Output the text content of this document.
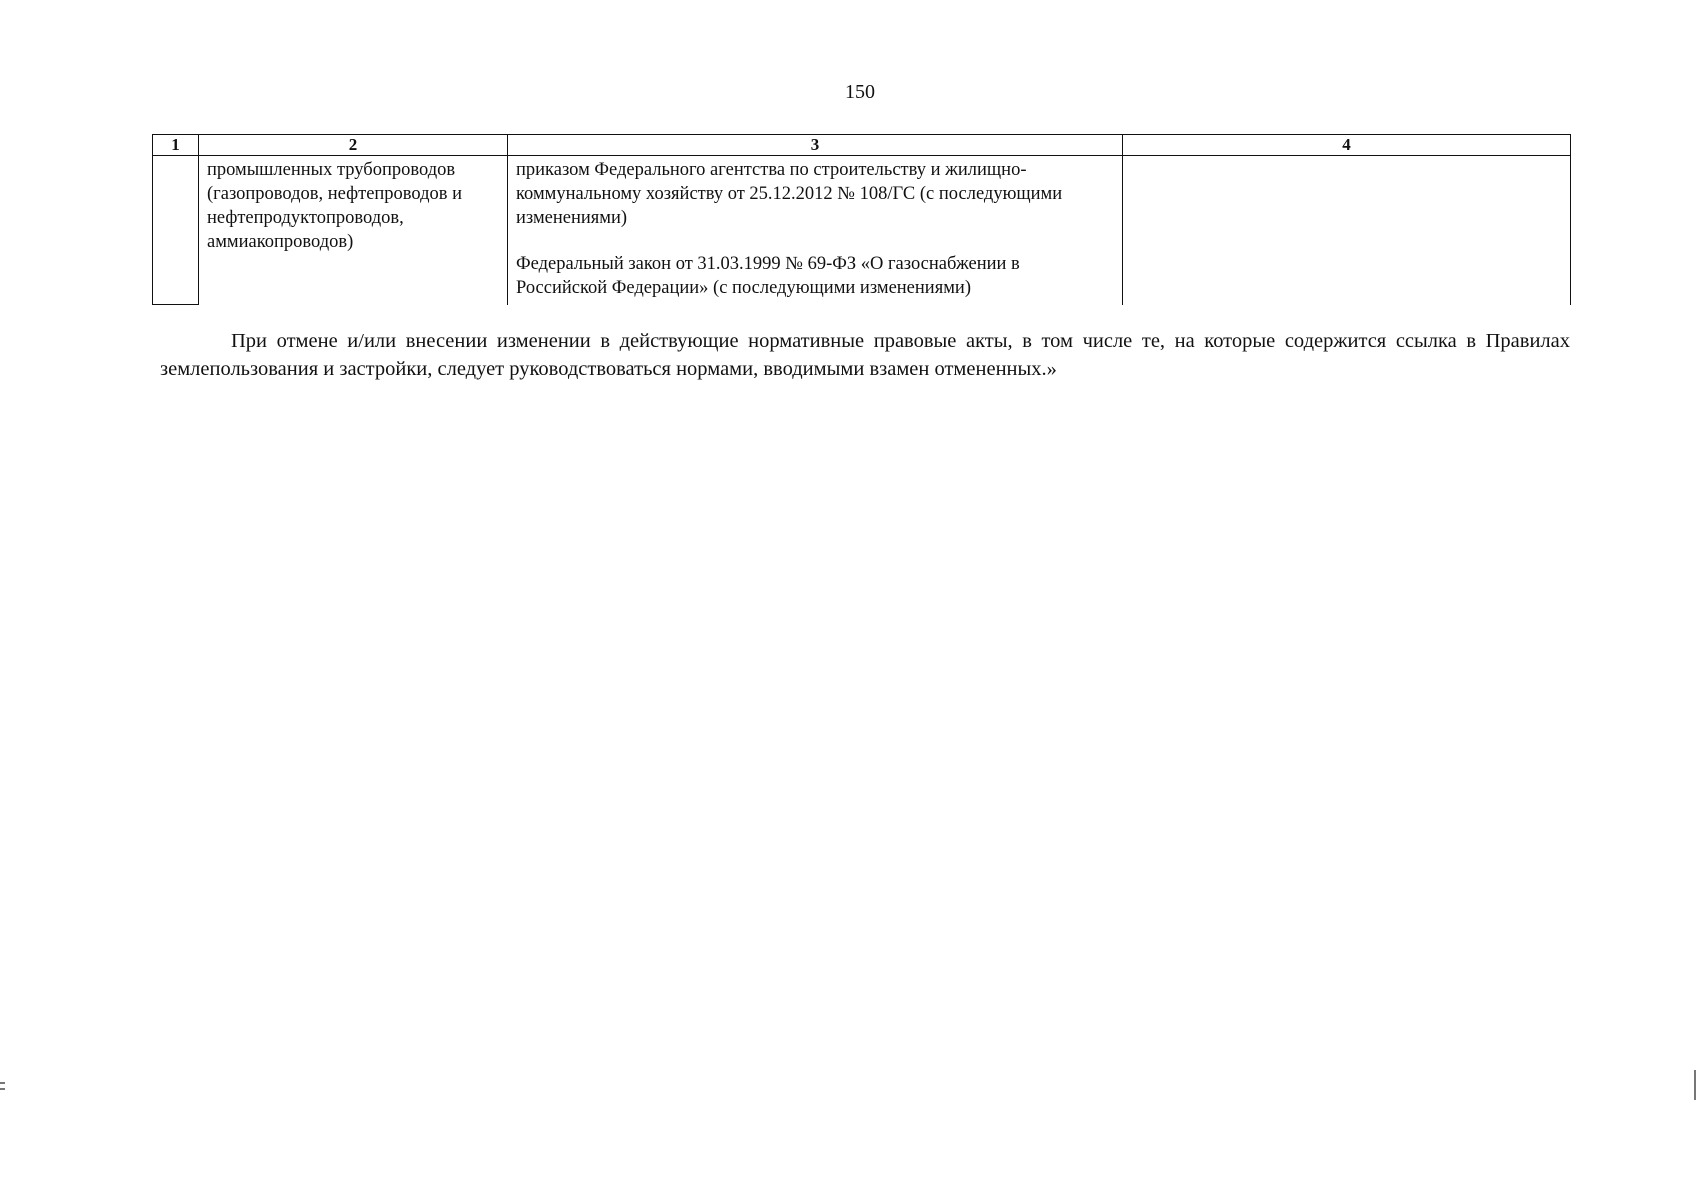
150
1	2	3	4

	промышленных трубопроводов (газопроводов, нефтепроводов и нефтепродуктопроводов, аммиакопроводов)	приказом Федерального агентства по строительству и жилищно-коммунальному хозяйству от 25.12.2012 № 108/ГС (с последующими изменениями)
Федеральный закон от 31.03.1999 № 69-ФЗ «О газоснабжении в Российской Федерации» (с последующими изменениями)	

При отмене и/или внесении изменении в действующие нормативные правовые акты, в том числе те, на которые содержится ссылка в Правилах землепользования и застройки, следует руководствоваться нормами, вводимыми взамен отмененных.»
